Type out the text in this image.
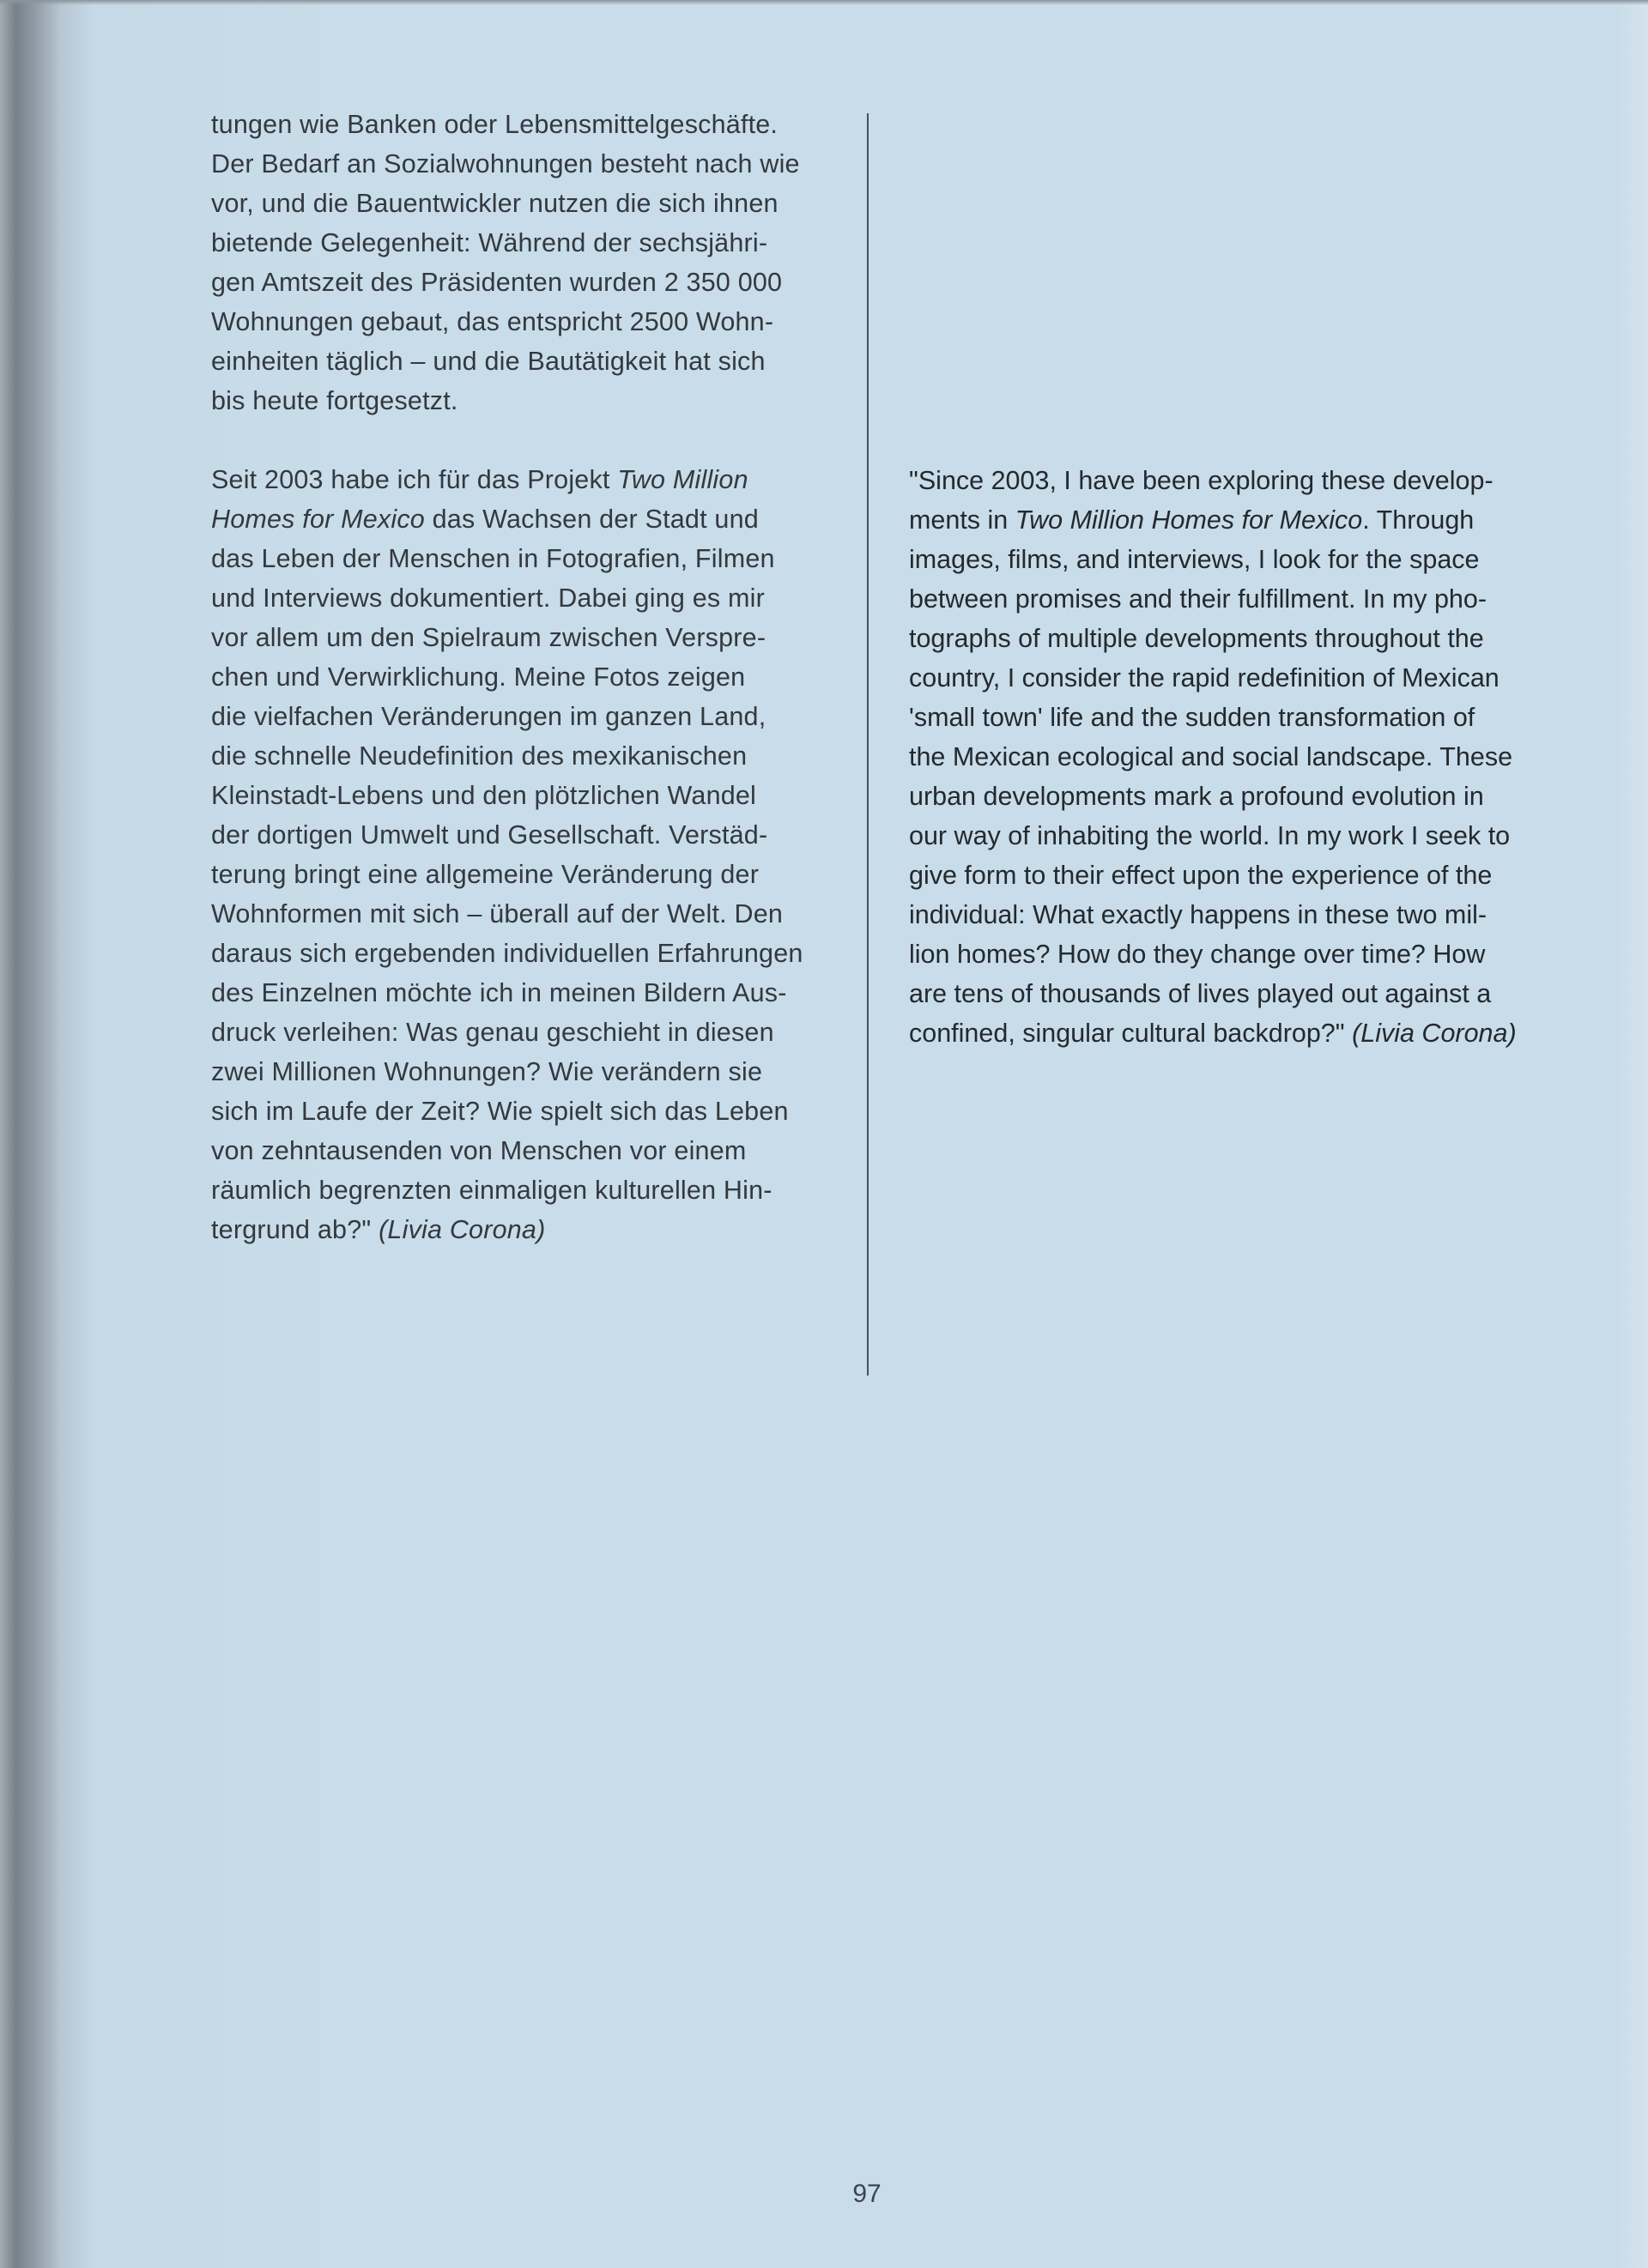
tungen wie Banken oder Lebensmittelgeschäfte.
Der Bedarf an Sozialwohnungen besteht nach wie
vor, und die Bauentwickler nutzen die sich ihnen
bietende Gelegenheit: Während der sechsjähri-
gen Amtszeit des Präsidenten wurden 2 350 000
Wohnungen gebaut, das entspricht 2500 Wohn-
einheiten täglich – und die Bautätigkeit hat sich
bis heute fortgesetzt.
Seit 2003 habe ich für das Projekt Two Million
Homes for Mexico das Wachsen der Stadt und
das Leben der Menschen in Fotografien, Filmen
und Interviews dokumentiert. Dabei ging es mir
vor allem um den Spielraum zwischen Verspre-
chen und Verwirklichung. Meine Fotos zeigen
die vielfachen Veränderungen im ganzen Land,
die schnelle Neudefinition des mexikanischen
Kleinstadt-Lebens und den plötzlichen Wandel
der dortigen Umwelt und Gesellschaft. Verstäd-
terung bringt eine allgemeine Veränderung der
Wohnformen mit sich – überall auf der Welt. Den
daraus sich ergebenden individuellen Erfahrungen
des Einzelnen möchte ich in meinen Bildern Aus-
druck verleihen: Was genau geschieht in diesen
zwei Millionen Wohnungen? Wie verändern sie
sich im Laufe der Zeit? Wie spielt sich das Leben
von zehntausenden von Menschen vor einem
räumlich begrenzten einmaligen kulturellen Hin-
tergrund ab?" (Livia Corona)
"Since 2003, I have been exploring these develop-
ments in Two Million Homes for Mexico. Through
images, films, and interviews, I look for the space
between promises and their fulfillment. In my pho-
tographs of multiple developments throughout the
country, I consider the rapid redefinition of Mexican
'small town' life and the sudden transformation of
the Mexican ecological and social landscape. These
urban developments mark a profound evolution in
our way of inhabiting the world. In my work I seek to
give form to their effect upon the experience of the
individual: What exactly happens in these two mil-
lion homes? How do they change over time? How
are tens of thousands of lives played out against a
confined, singular cultural backdrop?" (Livia Corona)
97
